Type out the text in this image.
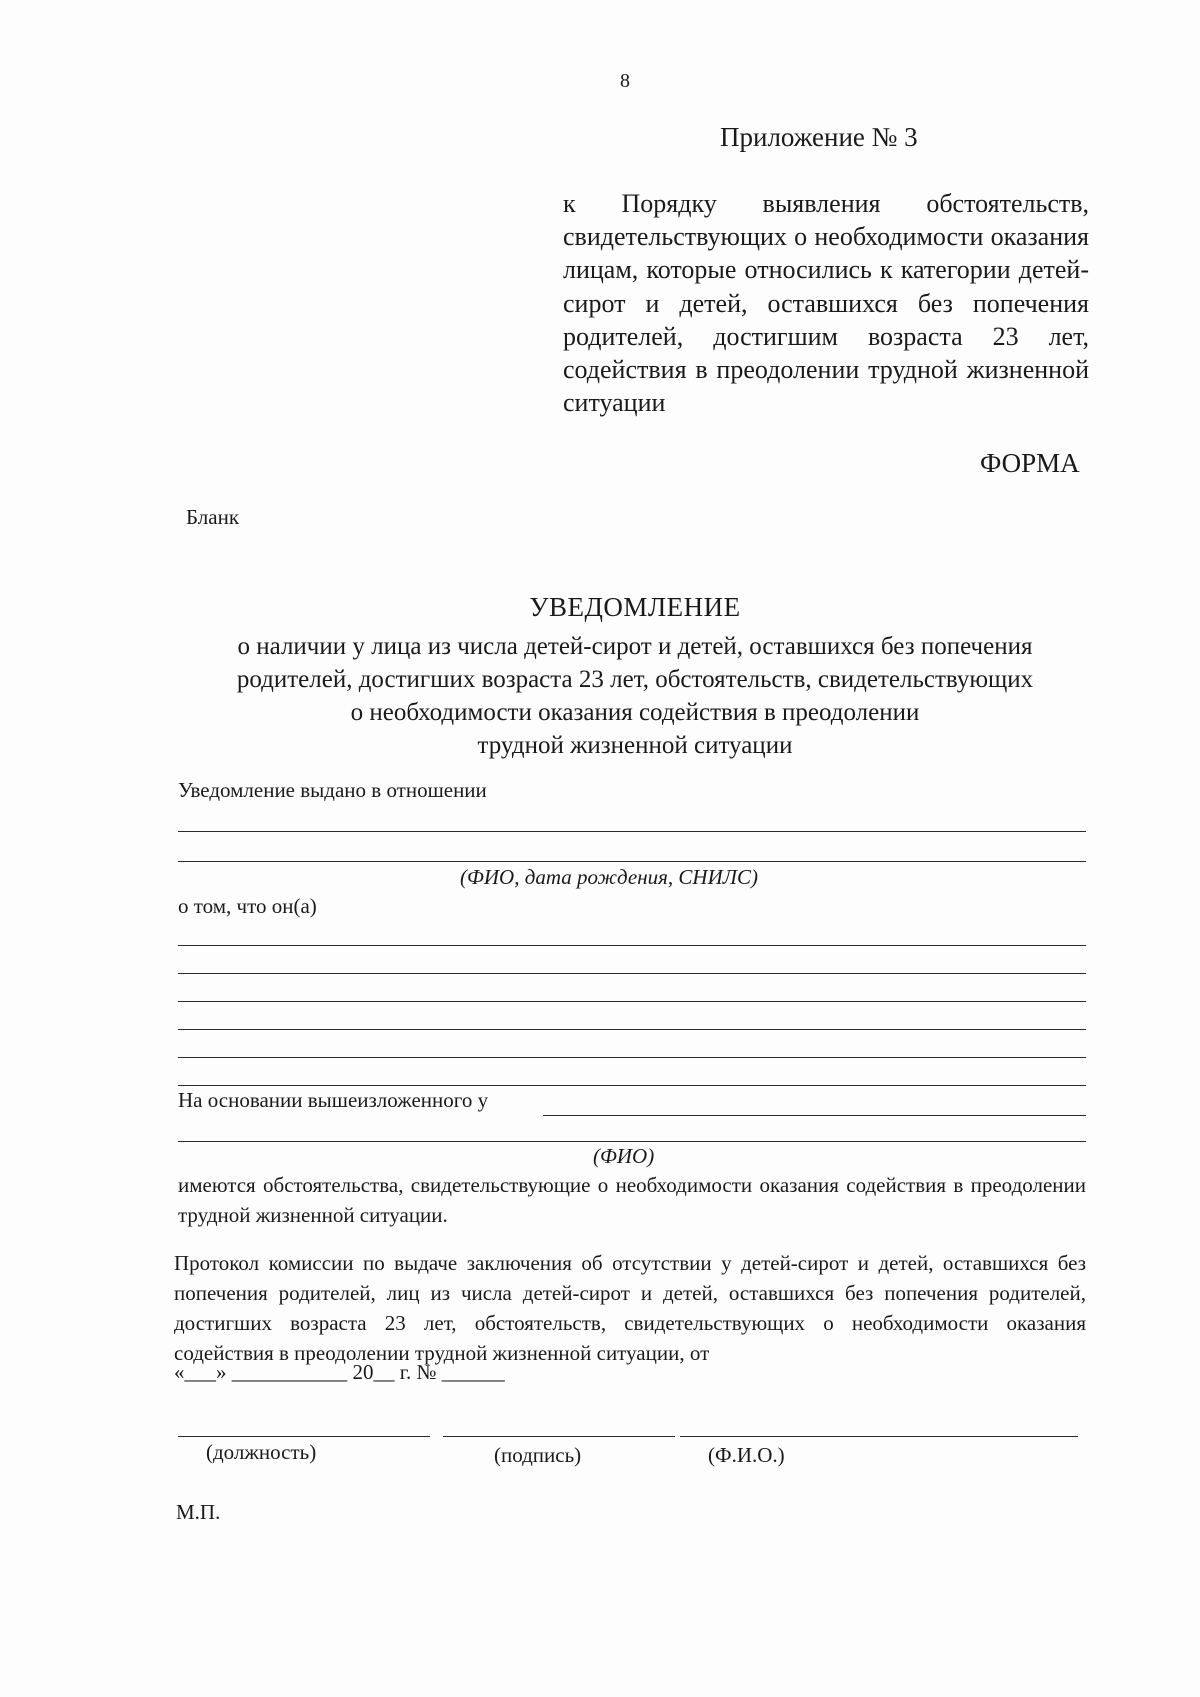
8
Приложение № 3
к Порядку выявления обстоятельств, свидетельствующих о необходимости оказания лицам, которые относились к категории детей-сирот и детей, оставшихся без попечения родителей, достигшим возраста 23 лет, содействия в преодолении трудной жизненной ситуации
ФОРМА
Бланк
УВЕДОМЛЕНИЕ
о наличии у лица из числа детей-сирот и детей, оставшихся без попечения
родителей, достигших возраста 23 лет, обстоятельств, свидетельствующих
о необходимости оказания содействия в преодолении
трудной жизненной ситуации
Уведомление выдано в отношении
(ФИО, дата рождения, СНИЛС)
о том, что он(а)
На основании вышеизложенного у
(ФИО)
имеются обстоятельства, свидетельствующие о необходимости оказания содействия в преодолении трудной жизненной ситуации.
Протокол комиссии по выдаче заключения об отсутствии у детей-сирот и детей, оставшихся без попечения родителей, лиц из числа детей-сирот и детей, оставшихся без попечения родителей, достигших возраста 23 лет, обстоятельств, свидетельствующих о необходимости оказания содействия в преодолении трудной жизненной ситуации, от
«___» ___________ 20__ г. № ______
(должность)	(подпись)	(Ф.И.О.)
М.П.
